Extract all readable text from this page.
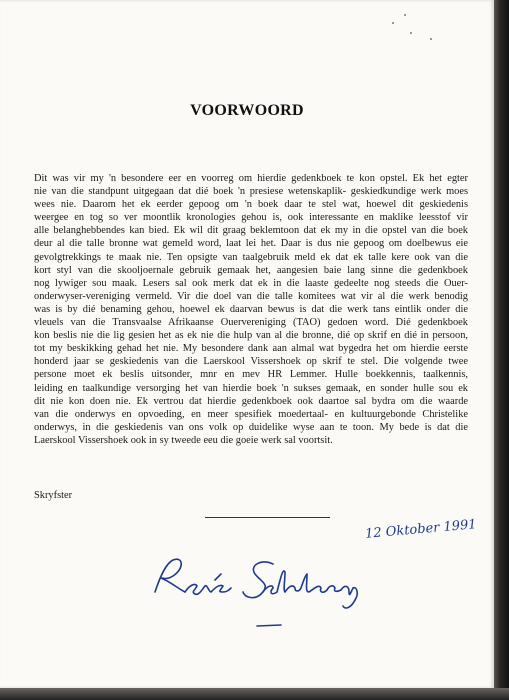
VOORWOORD
Dit was vir my 'n besondere eer en voorreg om hierdie gedenkboek te kon opstel. Ek het egter
nie van die standpunt uitgegaan dat dié boek 'n presiese wetenskaplik- geskiedkundige werk moes
wees nie. Daarom het ek eerder gepoog om 'n boek daar te stel wat, hoewel dit geskiedenis
weergee en tog so ver moontlik kronologies gehou is, ook interessante en maklike leesstof vir
alle belanghebbendes kan bied. Ek wil dit graag beklemtoon dat ek my in die opstel van die boek
deur al die talle bronne wat gemeld word, laat lei het. Daar is dus nie gepoog om doelbewus eie
gevolgtrekkings te maak nie. Ten opsigte van taalgebruik meld ek dat ek talle kere ook van die
kort styl van die skooljoernale gebruik gemaak het, aangesien baie lang sinne die gedenkboek
nog lywiger sou maak. Lesers sal ook merk dat ek in die laaste gedeelte nog steeds die Ouer-
onderwyser-vereniging vermeld. Vir die doel van die talle komitees wat vir al die werk benodig
was is by dié benaming gehou, hoewel ek daarvan bewus is dat die werk tans eintlik onder die
vleuels van die Transvaalse Afrikaanse Ouervereniging (TAO) gedoen word. Dié gedenkboek
kon beslis nie die lig gesien het as ek nie die hulp van al die bronne, dié op skrif en dié in persoon,
tot my beskikking gehad het nie. My besondere dank aan almal wat bygedra het om hierdie eerste
honderd jaar se geskiedenis van die Laerskool Vissershoek op skrif te stel. Die volgende twee
persone moet ek beslis uitsonder, mnr en mev HR Lemmer. Hulle boekkennis, taalkennis,
leiding en taalkundige versorging het van hierdie boek 'n sukses gemaak, en sonder hulle sou ek
dit nie kon doen nie. Ek vertrou dat hierdie gedenkboek ook daartoe sal bydra om die waarde
van die onderwys en opvoeding, en meer spesifiek moedertaal- en kultuurgebonde Christelike
onderwys, in die geskiedenis van ons volk op duidelike wyse aan te toon. My bede is dat die
Laerskool Vissershoek ook in sy tweede eeu die goeie werk sal voortsit.
Skryfster
12 Oktober 1991
